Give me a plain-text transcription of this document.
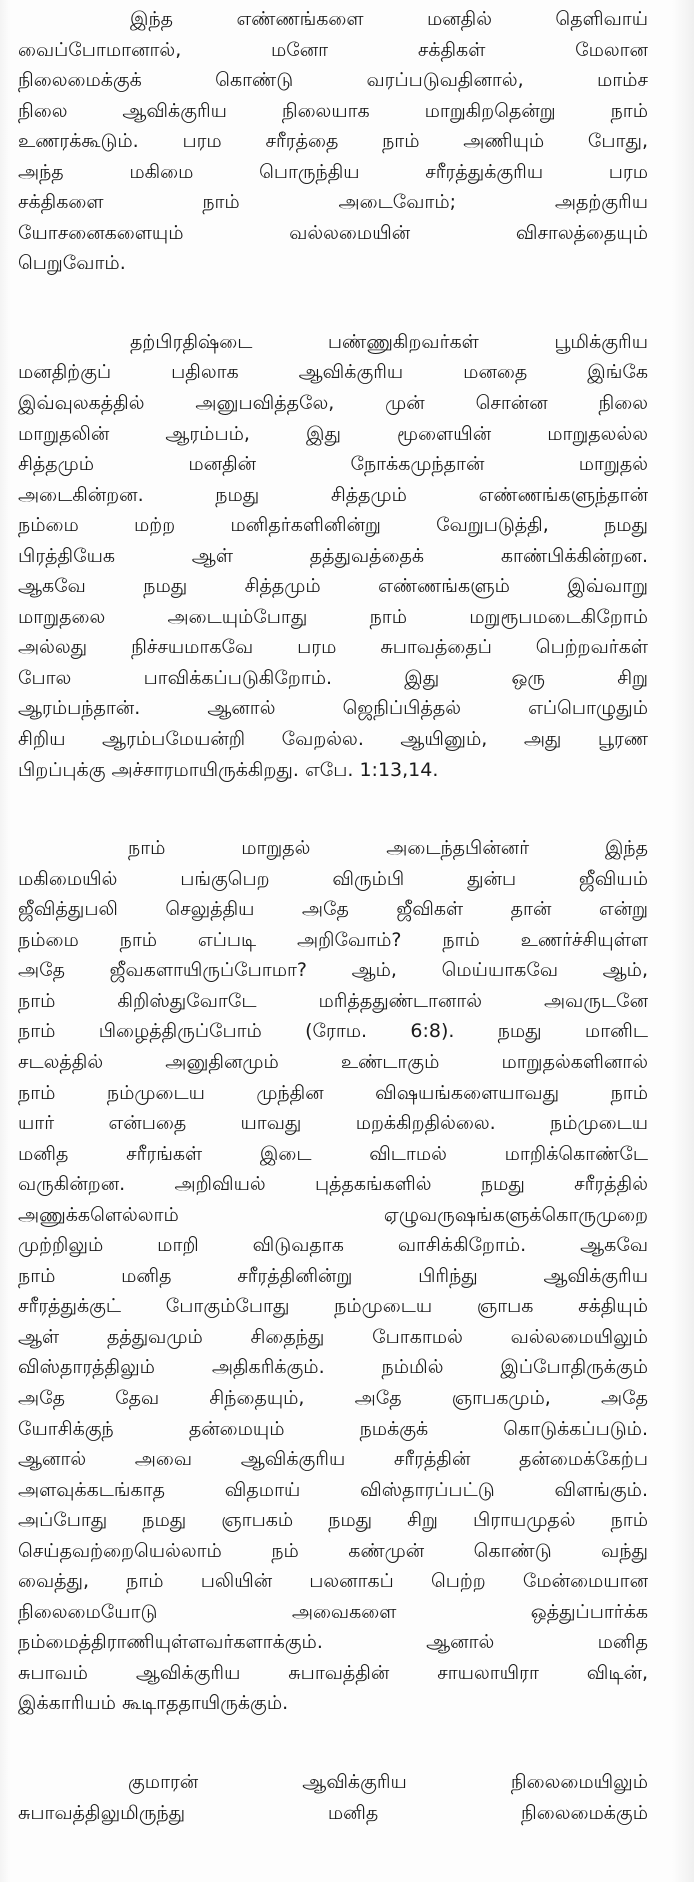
இந்த எண்ணங்களை மனதில் தெளிவாய்
வைப்போமானால், மனோ சக்திகள் மேலான
நிலைமைக்குக் கொண்டு வரப்படுவதினால், மாம்ச
நிலை ஆவிக்குரிய நிலையாக மாறுகிறதென்று நாம்
உணரக்கூடும். பரம சரீரத்தை நாம் அணியும் போது,
அந்த மகிமை பொருந்திய சரீரத்துக்குரிய பரம
சக்திகளை நாம் அடைவோம்; அதற்குரிய
யோசனைகளையும் வல்லமையின் விசாலத்தையும்
பெறுவோம்.

தற்பிரதிஷ்டை பண்ணுகிறவர்கள் பூமிக்குரிய
மனதிற்குப் பதிலாக ஆவிக்குரிய மனதை இங்கே
இவ்வுலகத்தில் அனுபவித்தலே, முன் சொன்ன நிலை
மாறுதலின் ஆரம்பம், இது மூளையின் மாறுதலல்ல
சித்தமும் மனதின் நோக்கமுந்தான் மாறுதல்
அடைகின்றன. நமது சித்தமும் எண்ணங்களுந்தான்
நம்மை மற்ற மனிதர்களினின்று வேறுபடுத்தி, நமது
பிரத்தியேக ஆள் தத்துவத்தைக் காண்பிக்கின்றன.
ஆகவே நமது சித்தமும் எண்ணங்களும் இவ்வாறு
மாறுதலை அடையும்போது நாம் மறுரூபமடைகிறோம்
அல்லது நிச்சயமாகவே பரம சுபாவத்தைப் பெற்றவர்கள்
போல பாவிக்கப்படுகிறோம். இது ஒரு சிறு
ஆரம்பந்தான். ஆனால் ஜெநிப்பித்தல் எப்பொழுதும்
சிறிய ஆரம்பமேயன்றி வேறல்ல. ஆயினும், அது பூரண
பிறப்புக்கு அச்சாரமாயிருக்கிறது. எபே. 1:13,14.

நாம் மாறுதல் அடைந்தபின்னர் இந்த
மகிமையில் பங்குபெற விரும்பி துன்ப ஜீவியம்
ஜீவித்துபலி செலுத்திய அதே ஜீவிகள் தான் என்று
நம்மை நாம் எப்படி அறிவோம்? நாம் உணர்ச்சியுள்ள
அதே ஜீவகளாயிருப்போமா? ஆம், மெய்யாகவே ஆம்,
நாம் கிறிஸ்துவோடே மரித்ததுண்டானால் அவருடனே
நாம் பிழைத்திருப்போம் (ரோம. 6:8). நமது மானிட
சடலத்தில் அனுதினமும் உண்டாகும் மாறுதல்களினால்
நாம் நம்முடைய முந்தின விஷயங்களையாவது நாம்
யார் என்பதை யாவது மறக்கிறதில்லை. நம்முடைய
மனித சரீரங்கள் இடை விடாமல் மாறிக்கொண்டே
வருகின்றன. அறிவியல் புத்தகங்களில் நமது சரீரத்தில்
அணுக்களெல்லாம் ஏழுவருஷங்களுக்கொருமுறை
முற்றிலும் மாறி விடுவதாக வாசிக்கிறோம். ஆகவே
நாம் மனித சரீரத்தினின்று பிரிந்து ஆவிக்குரிய
சரீரத்துக்குட் போகும்போது நம்முடைய ஞாபக சக்தியும்
ஆள் தத்துவமும் சிதைந்து போகாமல் வல்லமையிலும்
விஸ்தாரத்திலும் அதிகரிக்கும். நம்மில் இப்போதிருக்கும்
அதே தேவ சிந்தையும், அதே ஞாபகமும், அதே
யோசிக்குந் தன்மையும் நமக்குக் கொடுக்கப்படும்.
ஆனால் அவை ஆவிக்குரிய சரீரத்தின் தன்மைக்கேற்ப
அளவுக்கடங்காத விதமாய் விஸ்தாரப்பட்டு விளங்கும்.
அப்போது நமது ஞாபகம் நமது சிறு பிராயமுதல் நாம்
செய்தவற்றையெல்லாம் நம் கண்முன் கொண்டு வந்து
வைத்து, நாம் பலியின் பலனாகப் பெற்ற மேன்மையான
நிலைமையோடு அவைகளை ஒத்துப்பார்க்க
நம்மைத்திராணியுள்ளவர்களாக்கும். ஆனால் மனித
சுபாவம் ஆவிக்குரிய சுபாவத்தின் சாயலாயிரா விடின்,
இக்காரியம் கூடிாததாயிருக்கும்.

குமாரன் ஆவிக்குரிய நிலைமையிலும்
சுபாவத்திலுமிருந்து மனித நிலைமைக்கும்
